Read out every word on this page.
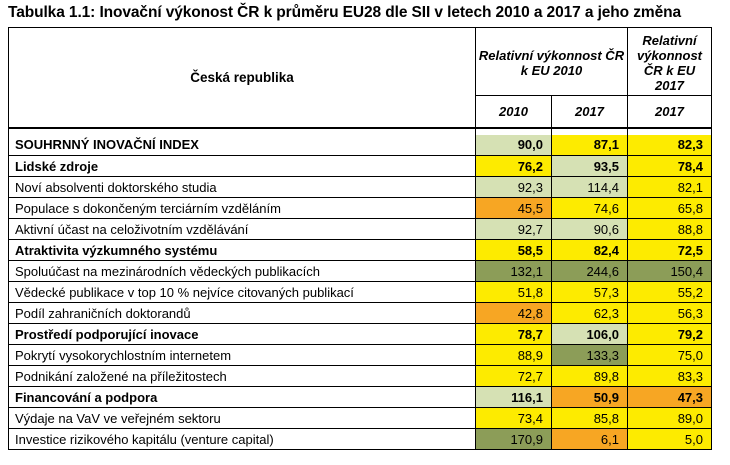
Tabulka 1.1: Inovační výkonost ČR k průměru EU28 dle SII v letech 2010 a 2017 a jeho změna
Česká republika	Relativní výkonnost ČR k EU 2010		Relativní výkonnost ČR k EU 2017
	2010	2017	2017

SOUHRNNÝ INOVAČNÍ INDEX	90,0	87,1	82,3
Lidské zdroje	76,2	93,5	78,4
Noví absolventi doktorského studia	92,3	114,4	82,1
Populace s dokončeným terciárním vzděláním	45,5	74,6	65,8
Aktivní účast na celoživotním vzdělávání	92,7	90,6	88,8
Atraktivita výzkumného systému	58,5	82,4	72,5
Spoluúčast na mezinárodních vědeckých publikacích	132,1	244,6	150,4
Vědecké publikace v top 10 % nejvíce citovaných publikací	51,8	57,3	55,2
Podíl zahraničních doktorandů	42,8	62,3	56,3
Prostředí podporující inovace	78,7	106,0	79,2
Pokrytí vysokorychlostním internetem	88,9	133,3	75,0
Podnikání založené na příležitostech	72,7	89,8	83,3
Financování a podpora	116,1	50,9	47,3
Výdaje na VaV ve veřejném sektoru	73,4	85,8	89,0
Investice rizikového kapitálu (venture capital)	170,9	6,1	5,0
